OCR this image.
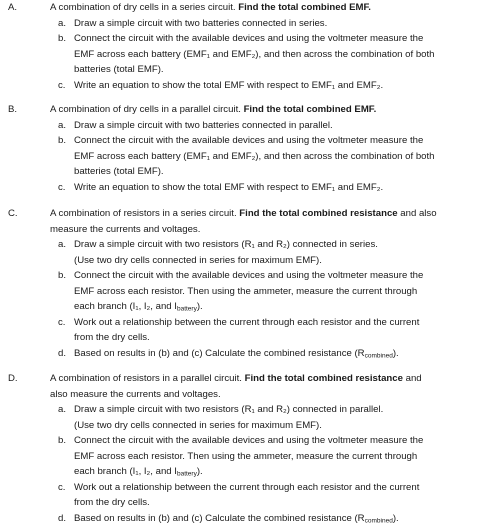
A.	A combination of dry cells in a series circuit. Find the total combined EMF.

a. Draw a simple circuit with two batteries connected in series.
b. Connect the circuit with the available devices and using the voltmeter measure the
EMF across each battery (EMF₁ and EMF₂), and then across the combination of both
batteries (total EMF).
c. Write an equation to show the total EMF with respect to EMF₁ and EMF₂.
B.	A combination of dry cells in a parallel circuit. Find the total combined EMF.

a. Draw a simple circuit with two batteries connected in parallel.
b. Connect the circuit with the available devices and using the voltmeter measure the
EMF across each battery (EMF₁ and EMF₂), and then across the combination of both
batteries (total EMF).
c. Write an equation to show the total EMF with respect to EMF₁ and EMF₂.
C.	A combination of resistors in a series circuit. Find the total combined resistance and also
measure the currents and voltages.

a. Draw a simple circuit with two resistors (R₁ and R₂) connected in series.
(Use two dry cells connected in series for maximum EMF).
b. Connect the circuit with the available devices and using the voltmeter measure the
EMF across each resistor. Then using the ammeter, measure the current through
each branch (I₁, I₂, and $I_{battery}$).
c. Work out a relationship between the current through each resistor and the current
from the dry cells.
d. Based on results in (b) and (c) Calculate the combined resistance $(R_{combined})$.
D.	A combination of resistors in a parallel circuit. Find the total combined resistance and
also measure the currents and voltages.

a. Draw a simple circuit with two resistors (R₁ and R₂) connected in parallel.
(Use two dry cells connected in series for maximum EMF).
b. Connect the circuit with the available devices and using the voltmeter measure the
EMF across each resistor. Then using the ammeter, measure the current through
each branch (I₁, I₂, and $I_{battery}$).
c. Work out a relationship between the current through each resistor and the current
from the dry cells.
d. Based on results in (b) and (c) Calculate the combined resistance $(R_{combined})$.
